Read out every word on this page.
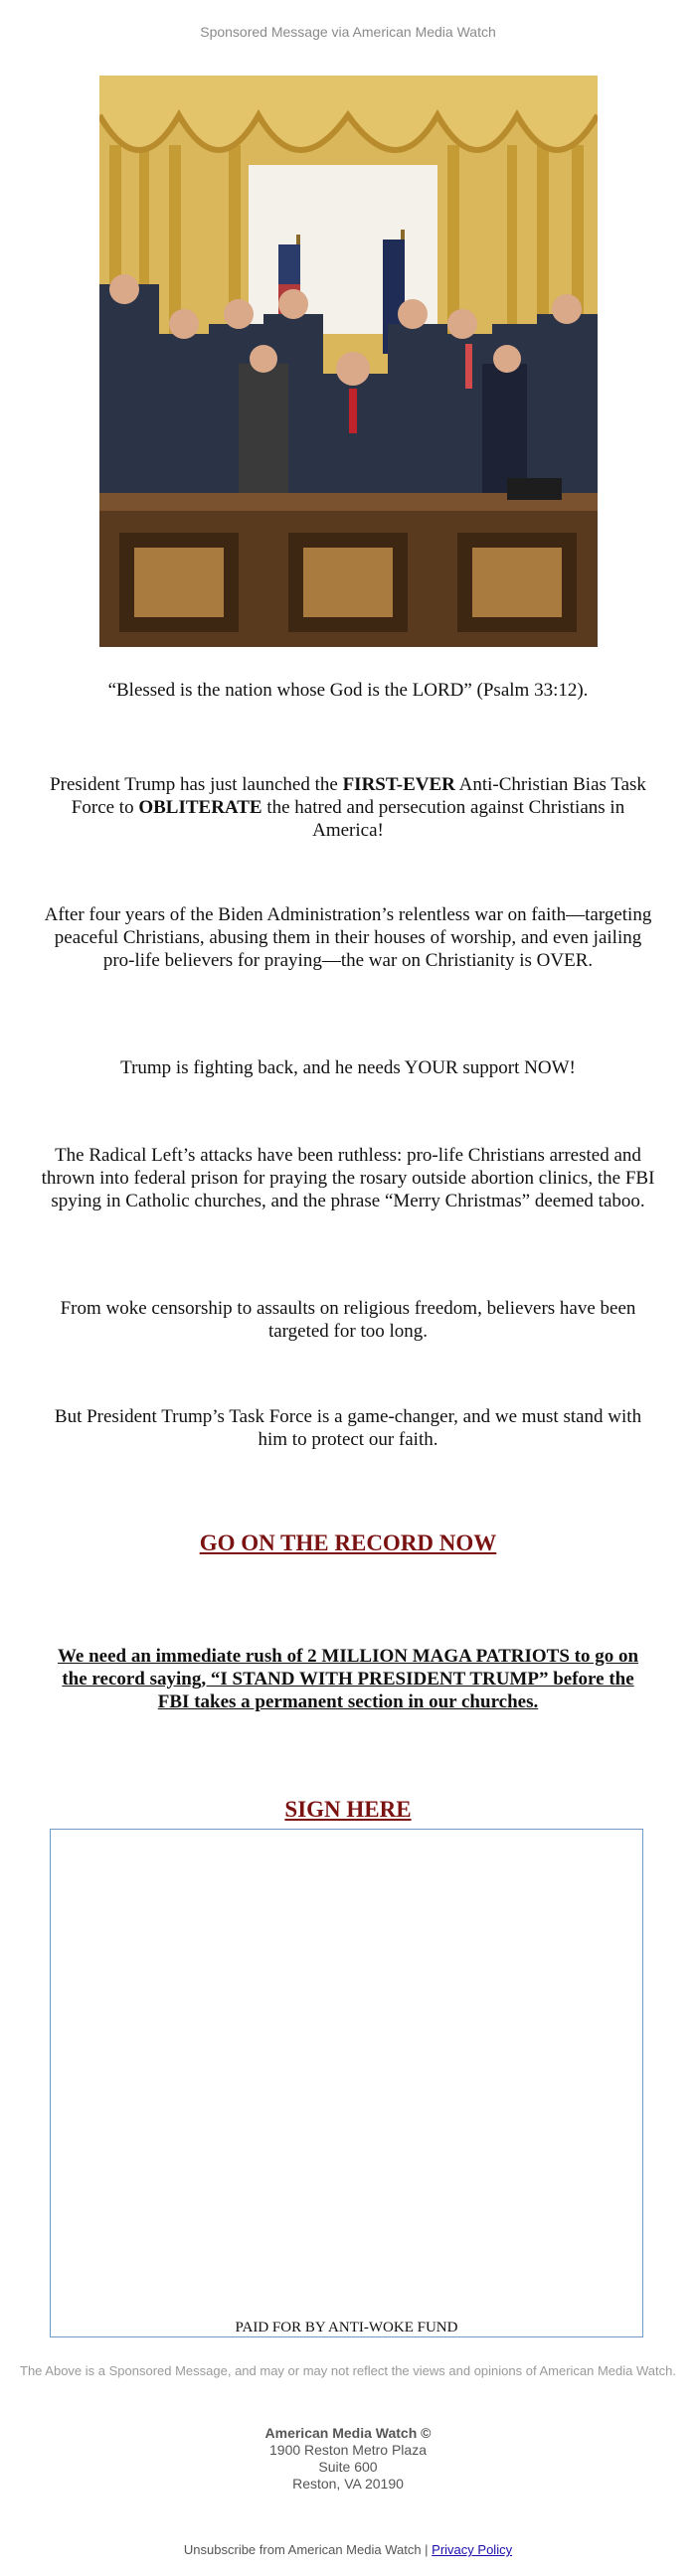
Sponsored Message via American Media Watch

“Blessed is the nation whose God is the LORD” (Psalm 33:12).

President Trump has just launched the FIRST-EVER Anti-Christian Bias Task Force to OBLITERATE the hatred and persecution against Christians in America!

After four years of the Biden Administration’s relentless war on faith—targeting peaceful Christians, abusing them in their houses of worship, and even jailing pro-life believers for praying—the war on Christianity is OVER.

Trump is fighting back, and he needs YOUR support NOW!

The Radical Left’s attacks have been ruthless: pro-life Christians arrested and thrown into federal prison for praying the rosary outside abortion clinics, the FBI spying in Catholic churches, and the phrase “Merry Christmas” deemed taboo.

From woke censorship to assaults on religious freedom, believers have been targeted for too long.

But President Trump’s Task Force is a game-changer, and we must stand with him to protect our faith.

GO ON THE RECORD NOW

We need an immediate rush of 2 MILLION MAGA PATRIOTS to go on the record saying, “I STAND WITH PRESIDENT TRUMP” before the FBI takes a permanent section in our churches.

SIGN HERE
PAID FOR BY ANTI-WOKE FUND
The Above is a Sponsored Message, and may or may not reflect the views and opinions of American Media Watch.
American Media Watch ©
1900 Reston Metro Plaza
Suite 600
Reston, VA 20190
Unsubscribe from American Media Watch | Privacy Policy
